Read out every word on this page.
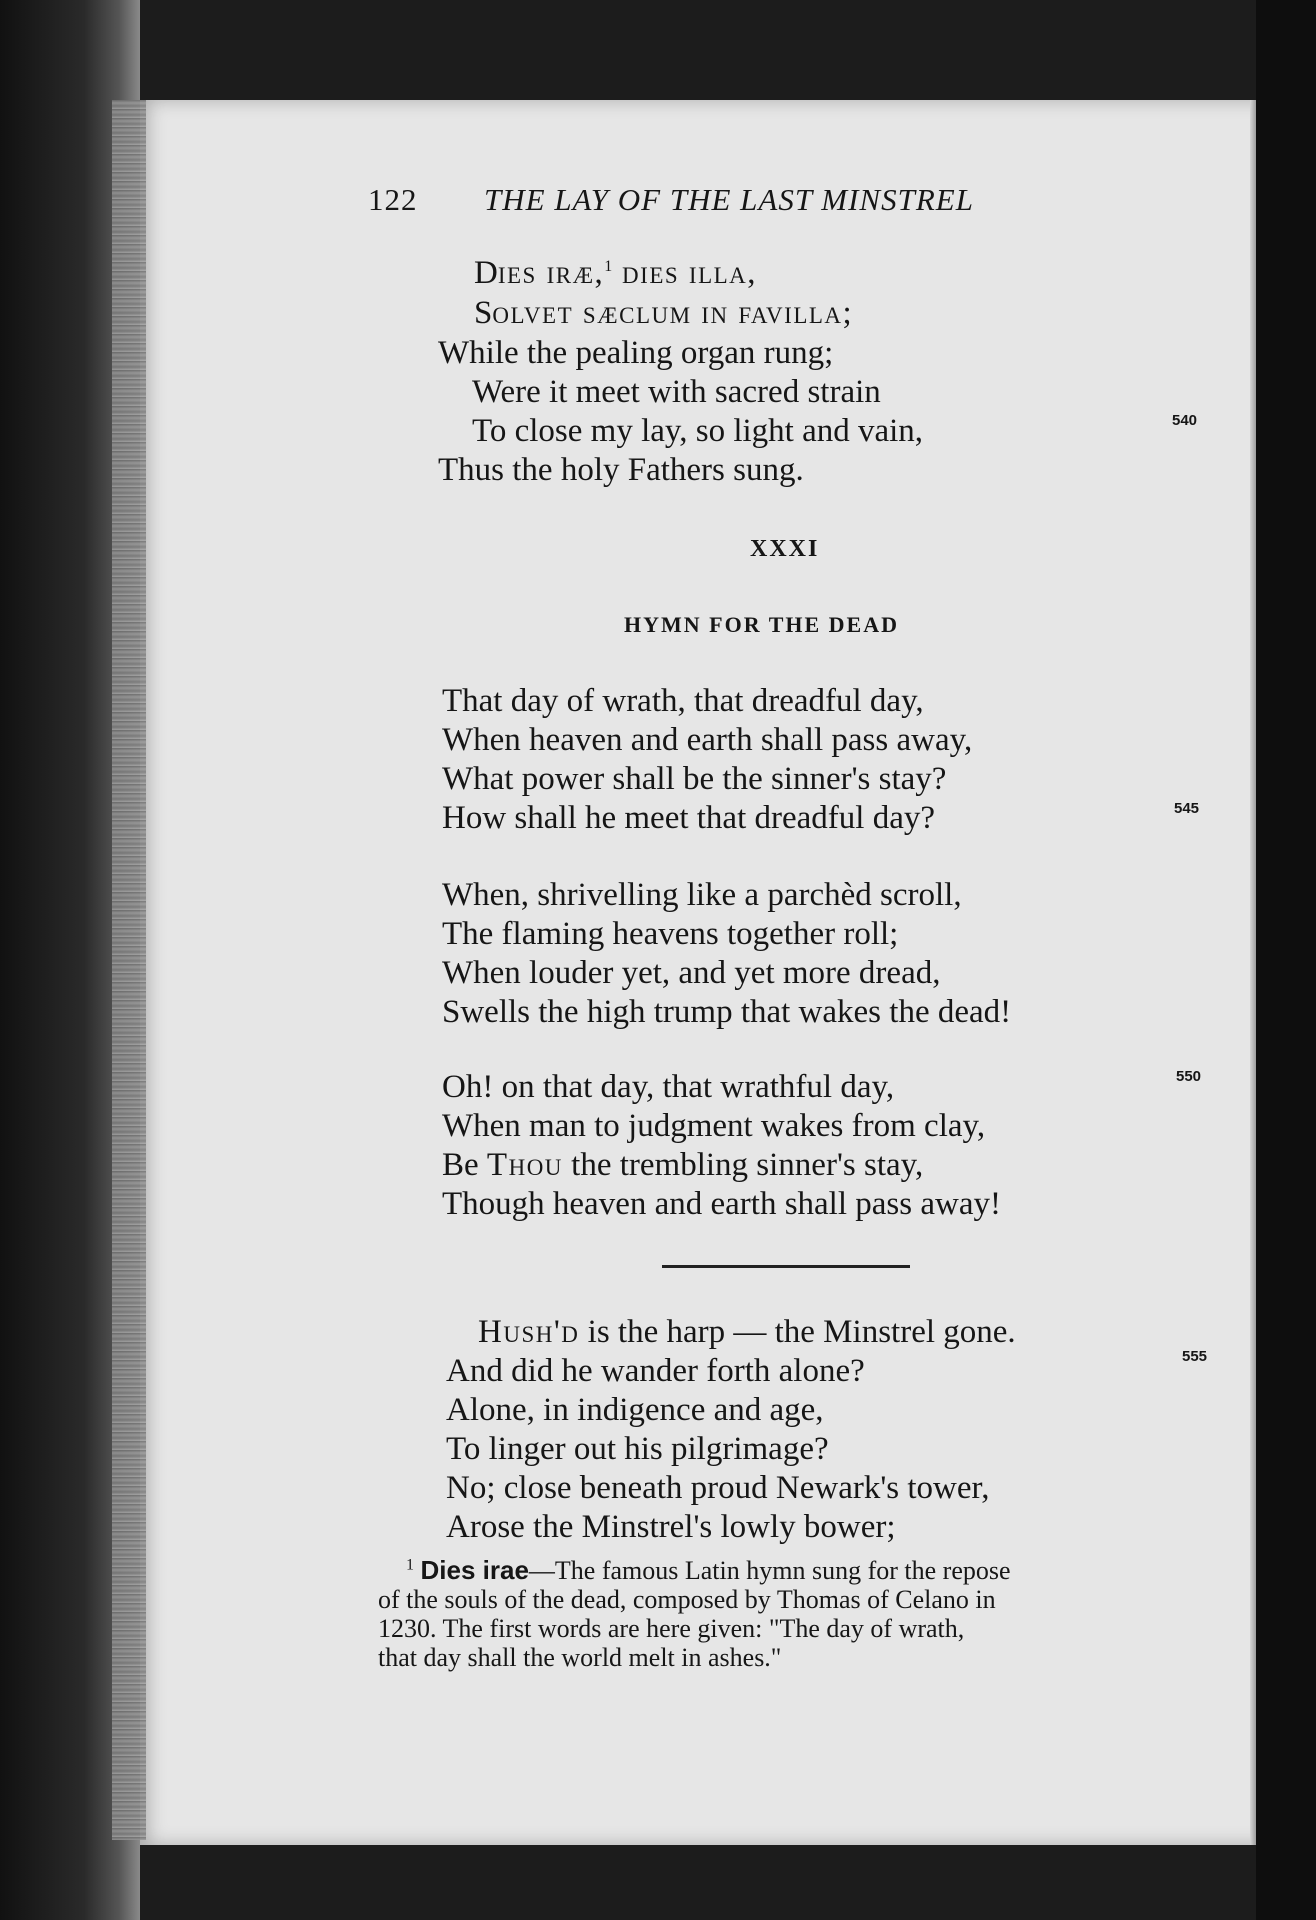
122 THE LAY OF THE LAST MINSTREL
Dies iræ,$^1$ dies illa,
Solvet sæclum in favilla;
While the pealing organ rung;
Were it meet with sacred strain
To close my lay, so light and vain,
Thus the holy Fathers sung.
540
XXXI
HYMN FOR THE DEAD
That day of wrath, that dreadful day,
When heaven and earth shall pass away,
What power shall be the sinner's stay?
How shall he meet that dreadful day?	545
When, shrivelling like a parchèd scroll,
The flaming heavens together roll;
When louder yet, and yet more dread,
Swells the high trump that wakes the dead!
Oh! on that day, that wrathful day,	550
When man to judgment wakes from clay,
Be Thou the trembling sinner's stay,
Though heaven and earth shall pass away!
Hush'd is the harp — the Minstrel gone.
555
And did he wander forth alone?
Alone, in indigence and age,
To linger out his pilgrimage?
No; close beneath proud Newark's tower,
Arose the Minstrel's lowly bower;
$^1$ Dies irae—The famous Latin hymn sung for the repose
of the souls of the dead, composed by Thomas of Celano in
1230. The first words are here given: "The day of wrath,
that day shall the world melt in ashes."
